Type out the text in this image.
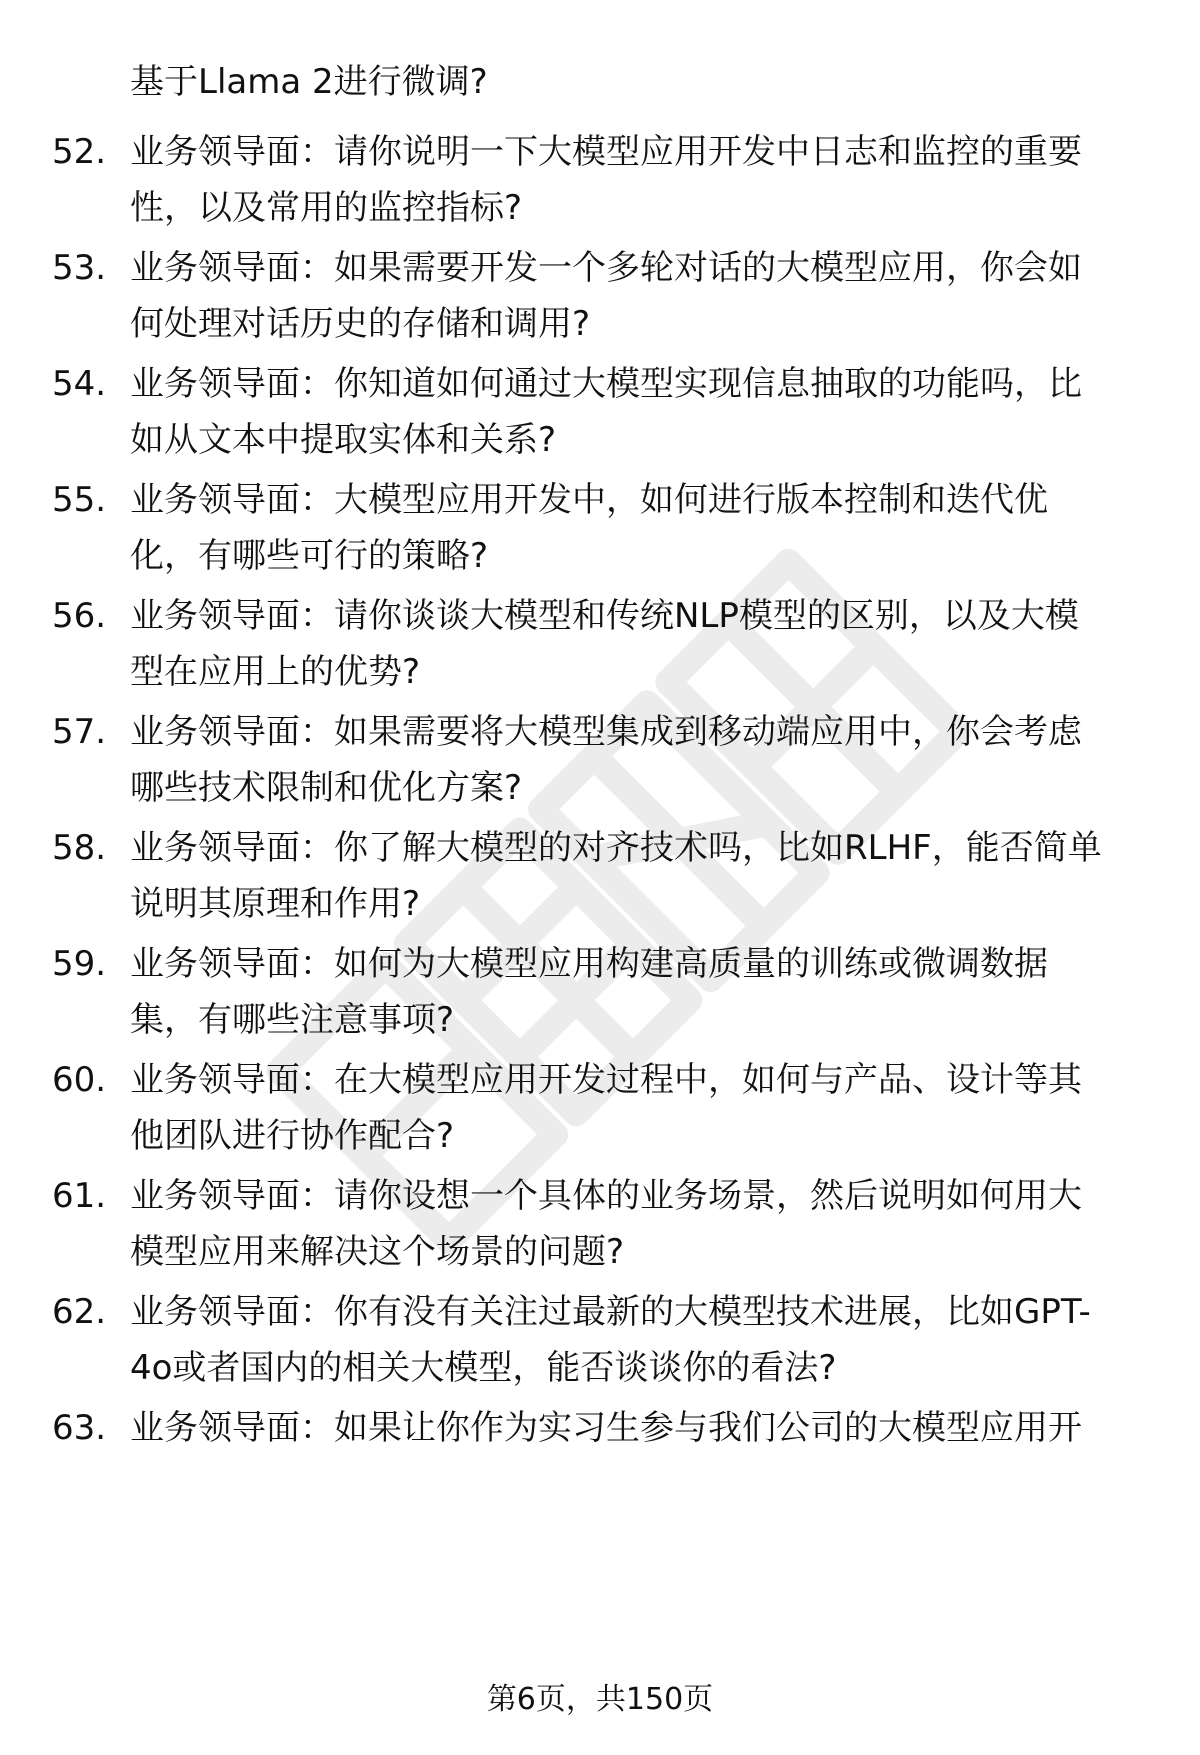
基于Llama 2进行微调?
52. 业务领导面：请你说明一下大模型应用开发中日志和监控的重要
性，以及常用的监控指标?
53. 业务领导面：如果需要开发一个多轮对话的大模型应用，你会如
何处理对话历史的存储和调用?
54. 业务领导面：你知道如何通过大模型实现信息抽取的功能吗，比
如从文本中提取实体和关系?
55. 业务领导面：大模型应用开发中，如何进行版本控制和迭代优
化，有哪些可行的策略?
56. 业务领导面：请你谈谈大模型和传统NLP模型的区别，以及大模
型在应用上的优势?
57. 业务领导面：如果需要将大模型集成到移动端应用中，你会考虑
哪些技术限制和优化方案?
58. 业务领导面：你了解大模型的对齐技术吗，比如RLHF，能否简单
说明其原理和作用?
59. 业务领导面：如何为大模型应用构建高质量的训练或微调数据
集，有哪些注意事项?
60. 业务领导面：在大模型应用开发过程中，如何与产品、设计等其
他团队进行协作配合?
61. 业务领导面：请你设想一个具体的业务场景，然后说明如何用大
模型应用来解决这个场景的问题?
62. 业务领导面：你有没有关注过最新的大模型技术进展，比如GPT-
4o或者国内的相关大模型，能否谈谈你的看法?
63. 业务领导面：如果让你作为实习生参与我们公司的大模型应用开
第6页，共150页
